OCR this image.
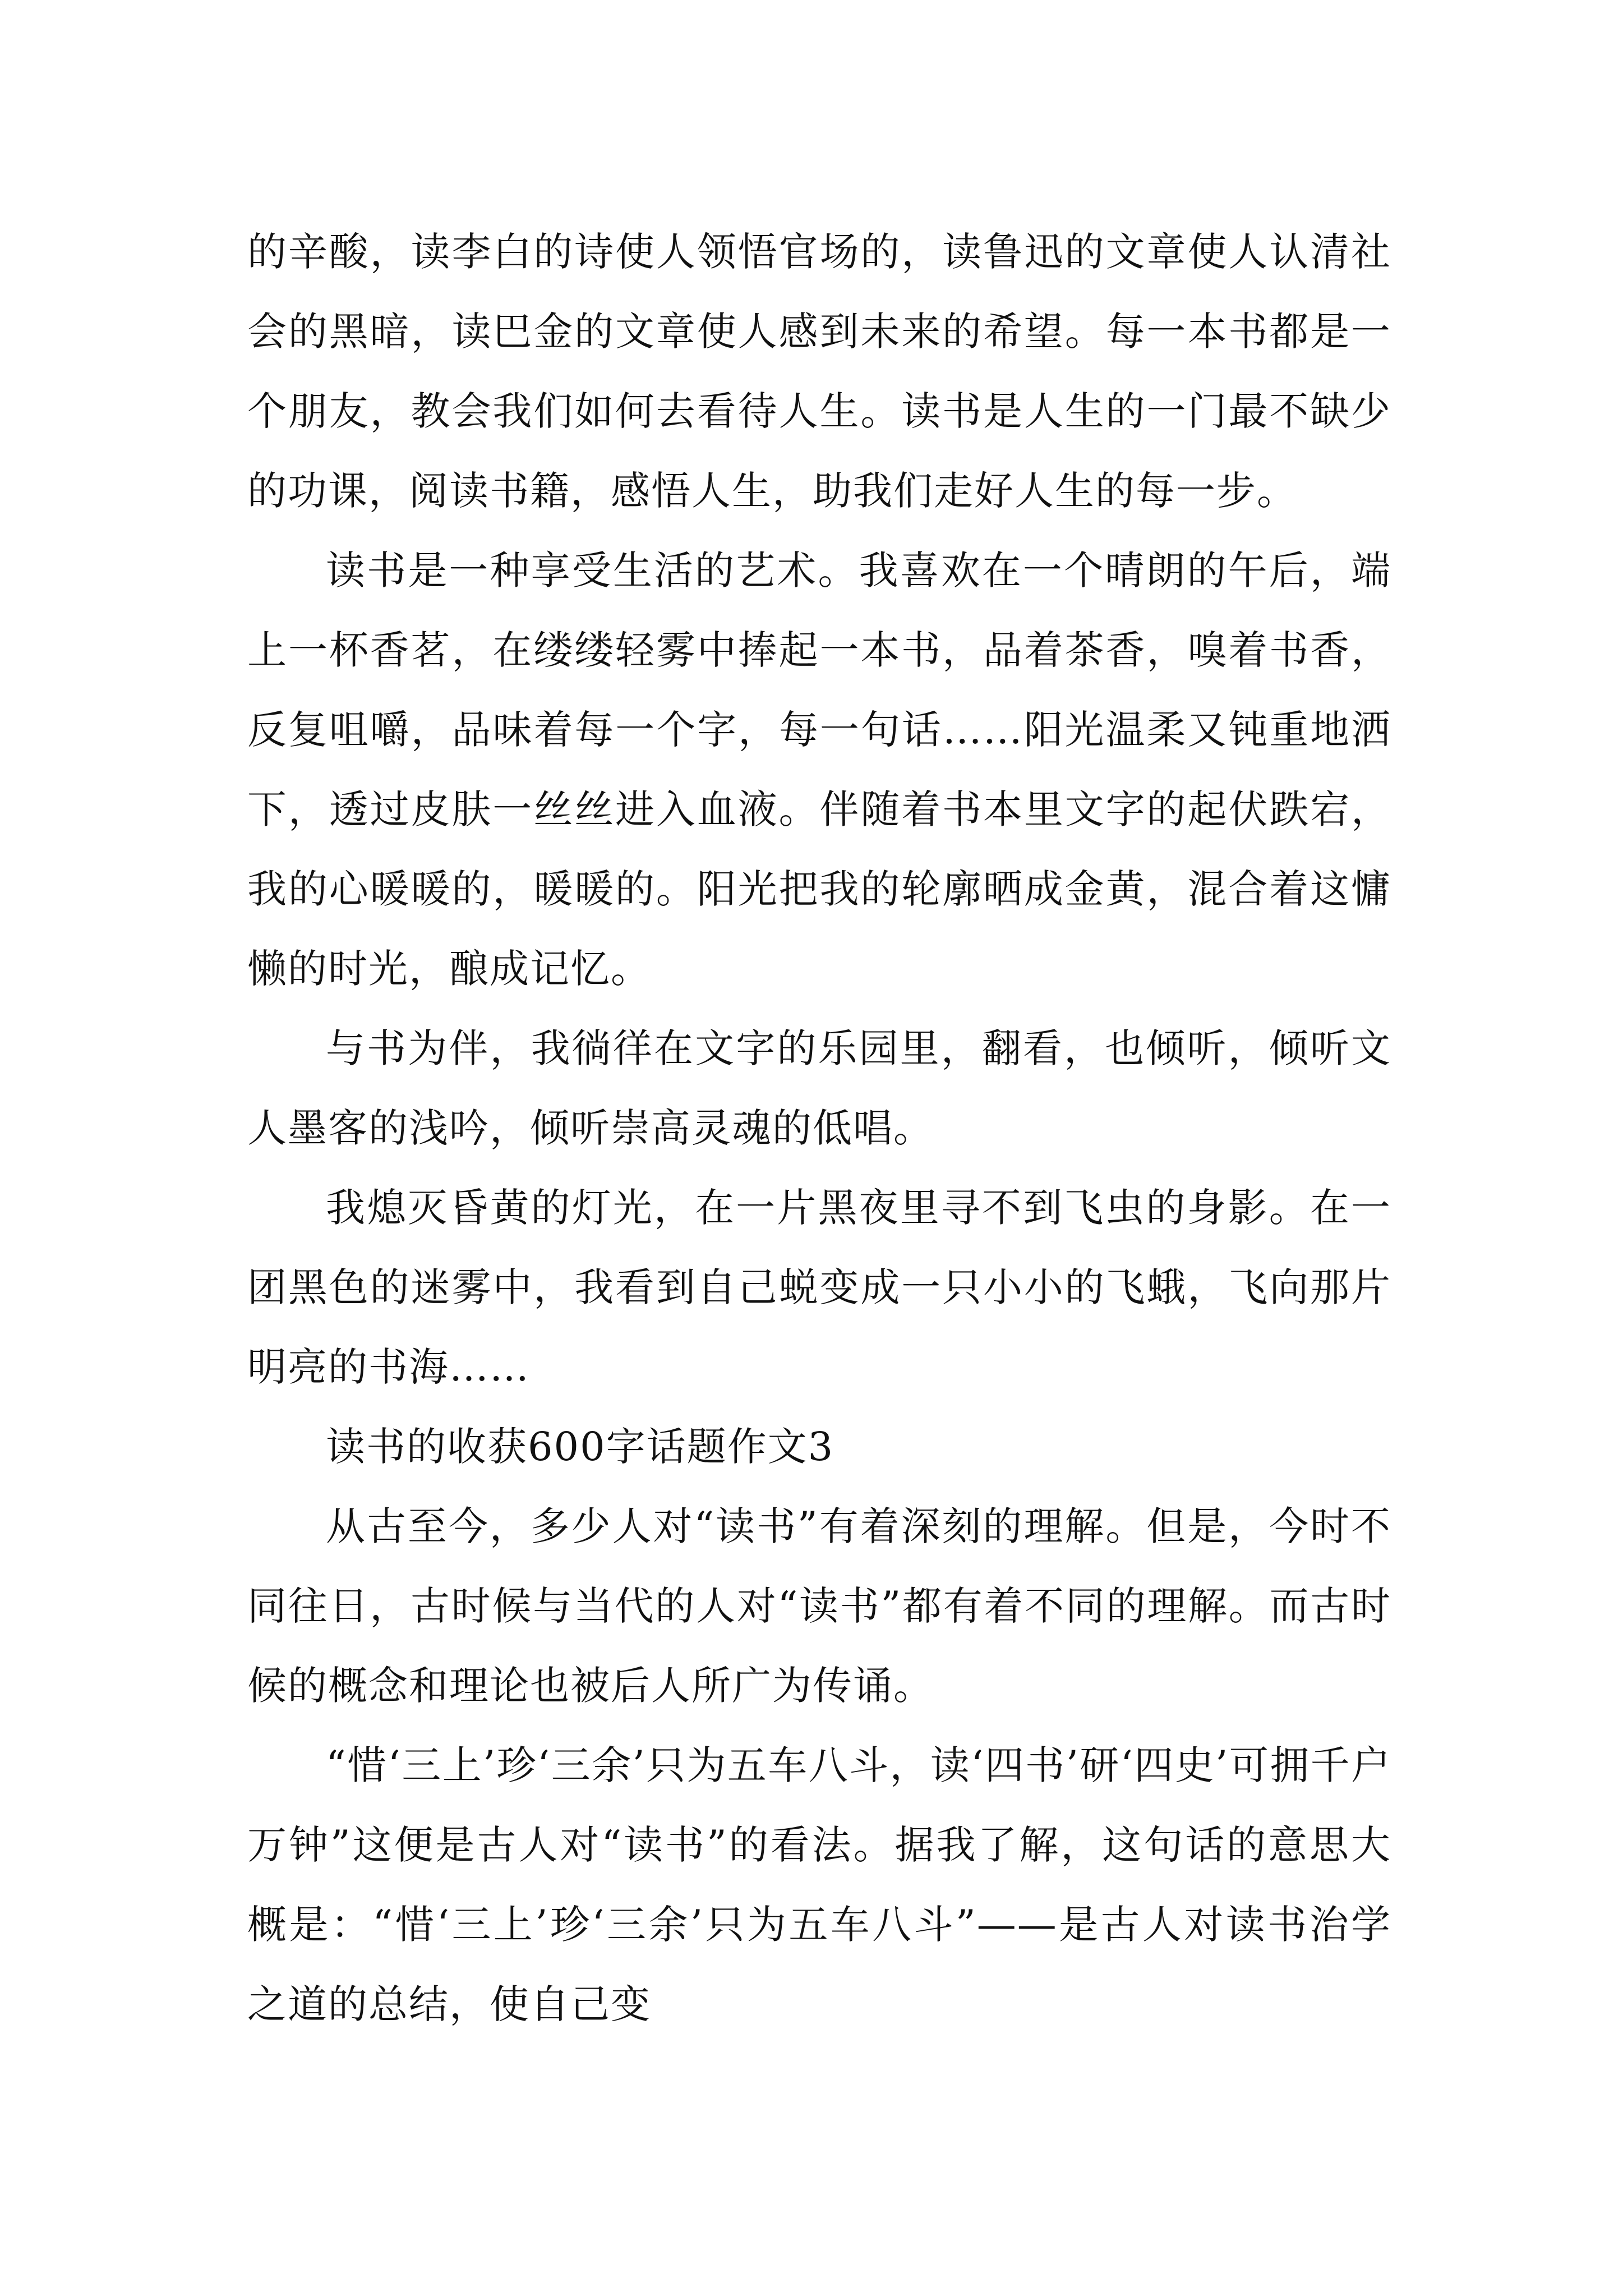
的辛酸，读李白的诗使人领悟官场的，读鲁迅的文章使人认清社会的黑暗，读巴金的文章使人感到未来的希望。每一本书都是一个朋友，教会我们如何去看待人生。读书是人生的一门最不缺少的功课，阅读书籍，感悟人生，助我们走好人生的每一步。

读书是一种享受生活的艺术。我喜欢在一个晴朗的午后，端上一杯香茗，在缕缕轻雾中捧起一本书，品着茶香，嗅着书香，反复咀嚼，品味着每一个字，每一句话……阳光温柔又钝重地洒下，透过皮肤一丝丝进入血液。伴随着书本里文字的起伏跌宕，我的心暖暖的，暖暖的。阳光把我的轮廓晒成金黄，混合着这慵懒的时光，酿成记忆。

与书为伴，我徜徉在文字的乐园里，翻看，也倾听，倾听文人墨客的浅吟，倾听崇高灵魂的低唱。

我熄灭昏黄的灯光，在一片黑夜里寻不到飞虫的身影。在一团黑色的迷雾中，我看到自己蜕变成一只小小的飞蛾，飞向那片明亮的书海……

读书的收获600字话题作文3

从古至今，多少人对“读书”有着深刻的理解。但是，今时不同往日，古时候与当代的人对“读书”都有着不同的理解。而古时候的概念和理论也被后人所广为传诵。

“惜‘三上’珍‘三余’只为五车八斗，读‘四书’研‘四史’可拥千户万钟”这便是古人对“读书”的看法。据我了解，这句话的意思大概是：“惜‘三上’珍‘三余’只为五车八斗”——是古人对读书治学之道的总结，使自己变
